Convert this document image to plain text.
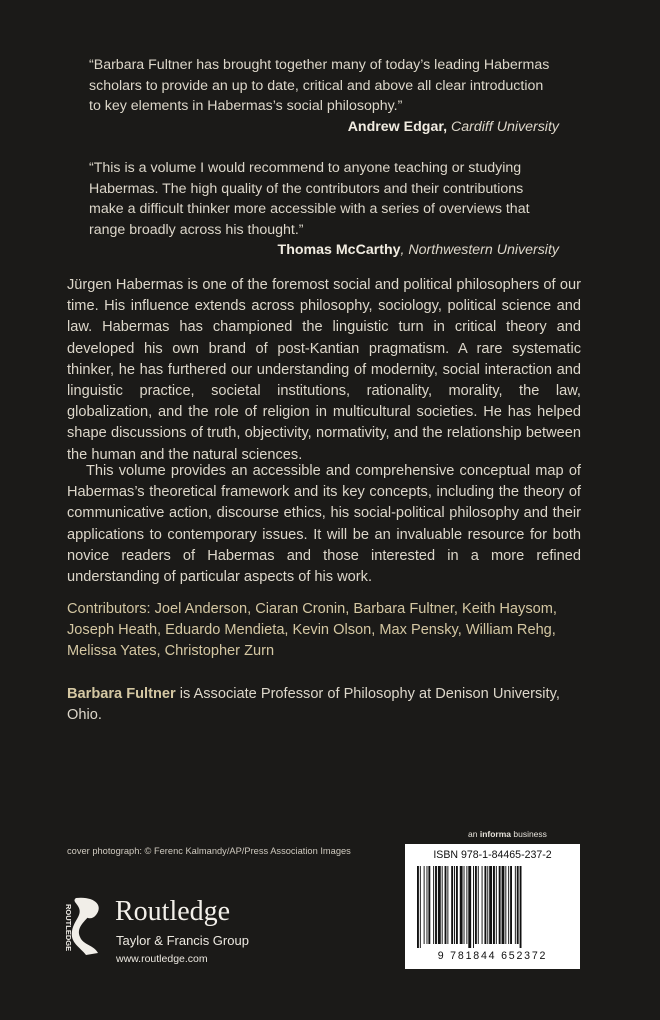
“Barbara Fultner has brought together many of today’s leading Habermas scholars to provide an up to date, critical and above all clear introduction to key elements in Habermas’s social philosophy.”

Andrew Edgar, Cardiff University

“This is a volume I would recommend to anyone teaching or studying Habermas. The high quality of the contributors and their contributions make a difficult thinker more accessible with a series of overviews that range broadly across his thought.”

Thomas McCarthy, Northwestern University

Jürgen Habermas is one of the foremost social and political philosophers of our time. His influence extends across philosophy, sociology, political science and law. Habermas has championed the linguistic turn in critical theory and developed his own brand of post-Kantian pragmatism. A rare systematic thinker, he has furthered our understanding of modernity, social interaction and linguistic practice, societal institutions, rationality, morality, the law, globalization, and the role of religion in multicultural societies. He has helped shape discussions of truth, objectivity, normativity, and the relationship between the human and the natural sciences.

This volume provides an accessible and comprehensive conceptual map of Habermas’s theoretical framework and its key concepts, including the theory of communicative action, discourse ethics, his social-political philosophy and their applications to contemporary issues. It will be an invaluable resource for both novice readers of Habermas and those interested in a more refined understanding of particular aspects of his work.

Contributors: Joel Anderson, Ciaran Cronin, Barbara Fultner, Keith Haysom, Joseph Heath, Eduardo Mendieta, Kevin Olson, Max Pensky, William Rehg, Melissa Yates, Christopher Zurn
Barbara Fultner is Associate Professor of Philosophy at Denison University, Ohio.
an informa business
cover photograph: © Ferenc Kalmandy/AP/Press Association Images	ISBN 978-1-84465-237-2
9 781844 652372
ROUTLEDGE Routledge
Taylor & Francis Group
www.routledge.com
